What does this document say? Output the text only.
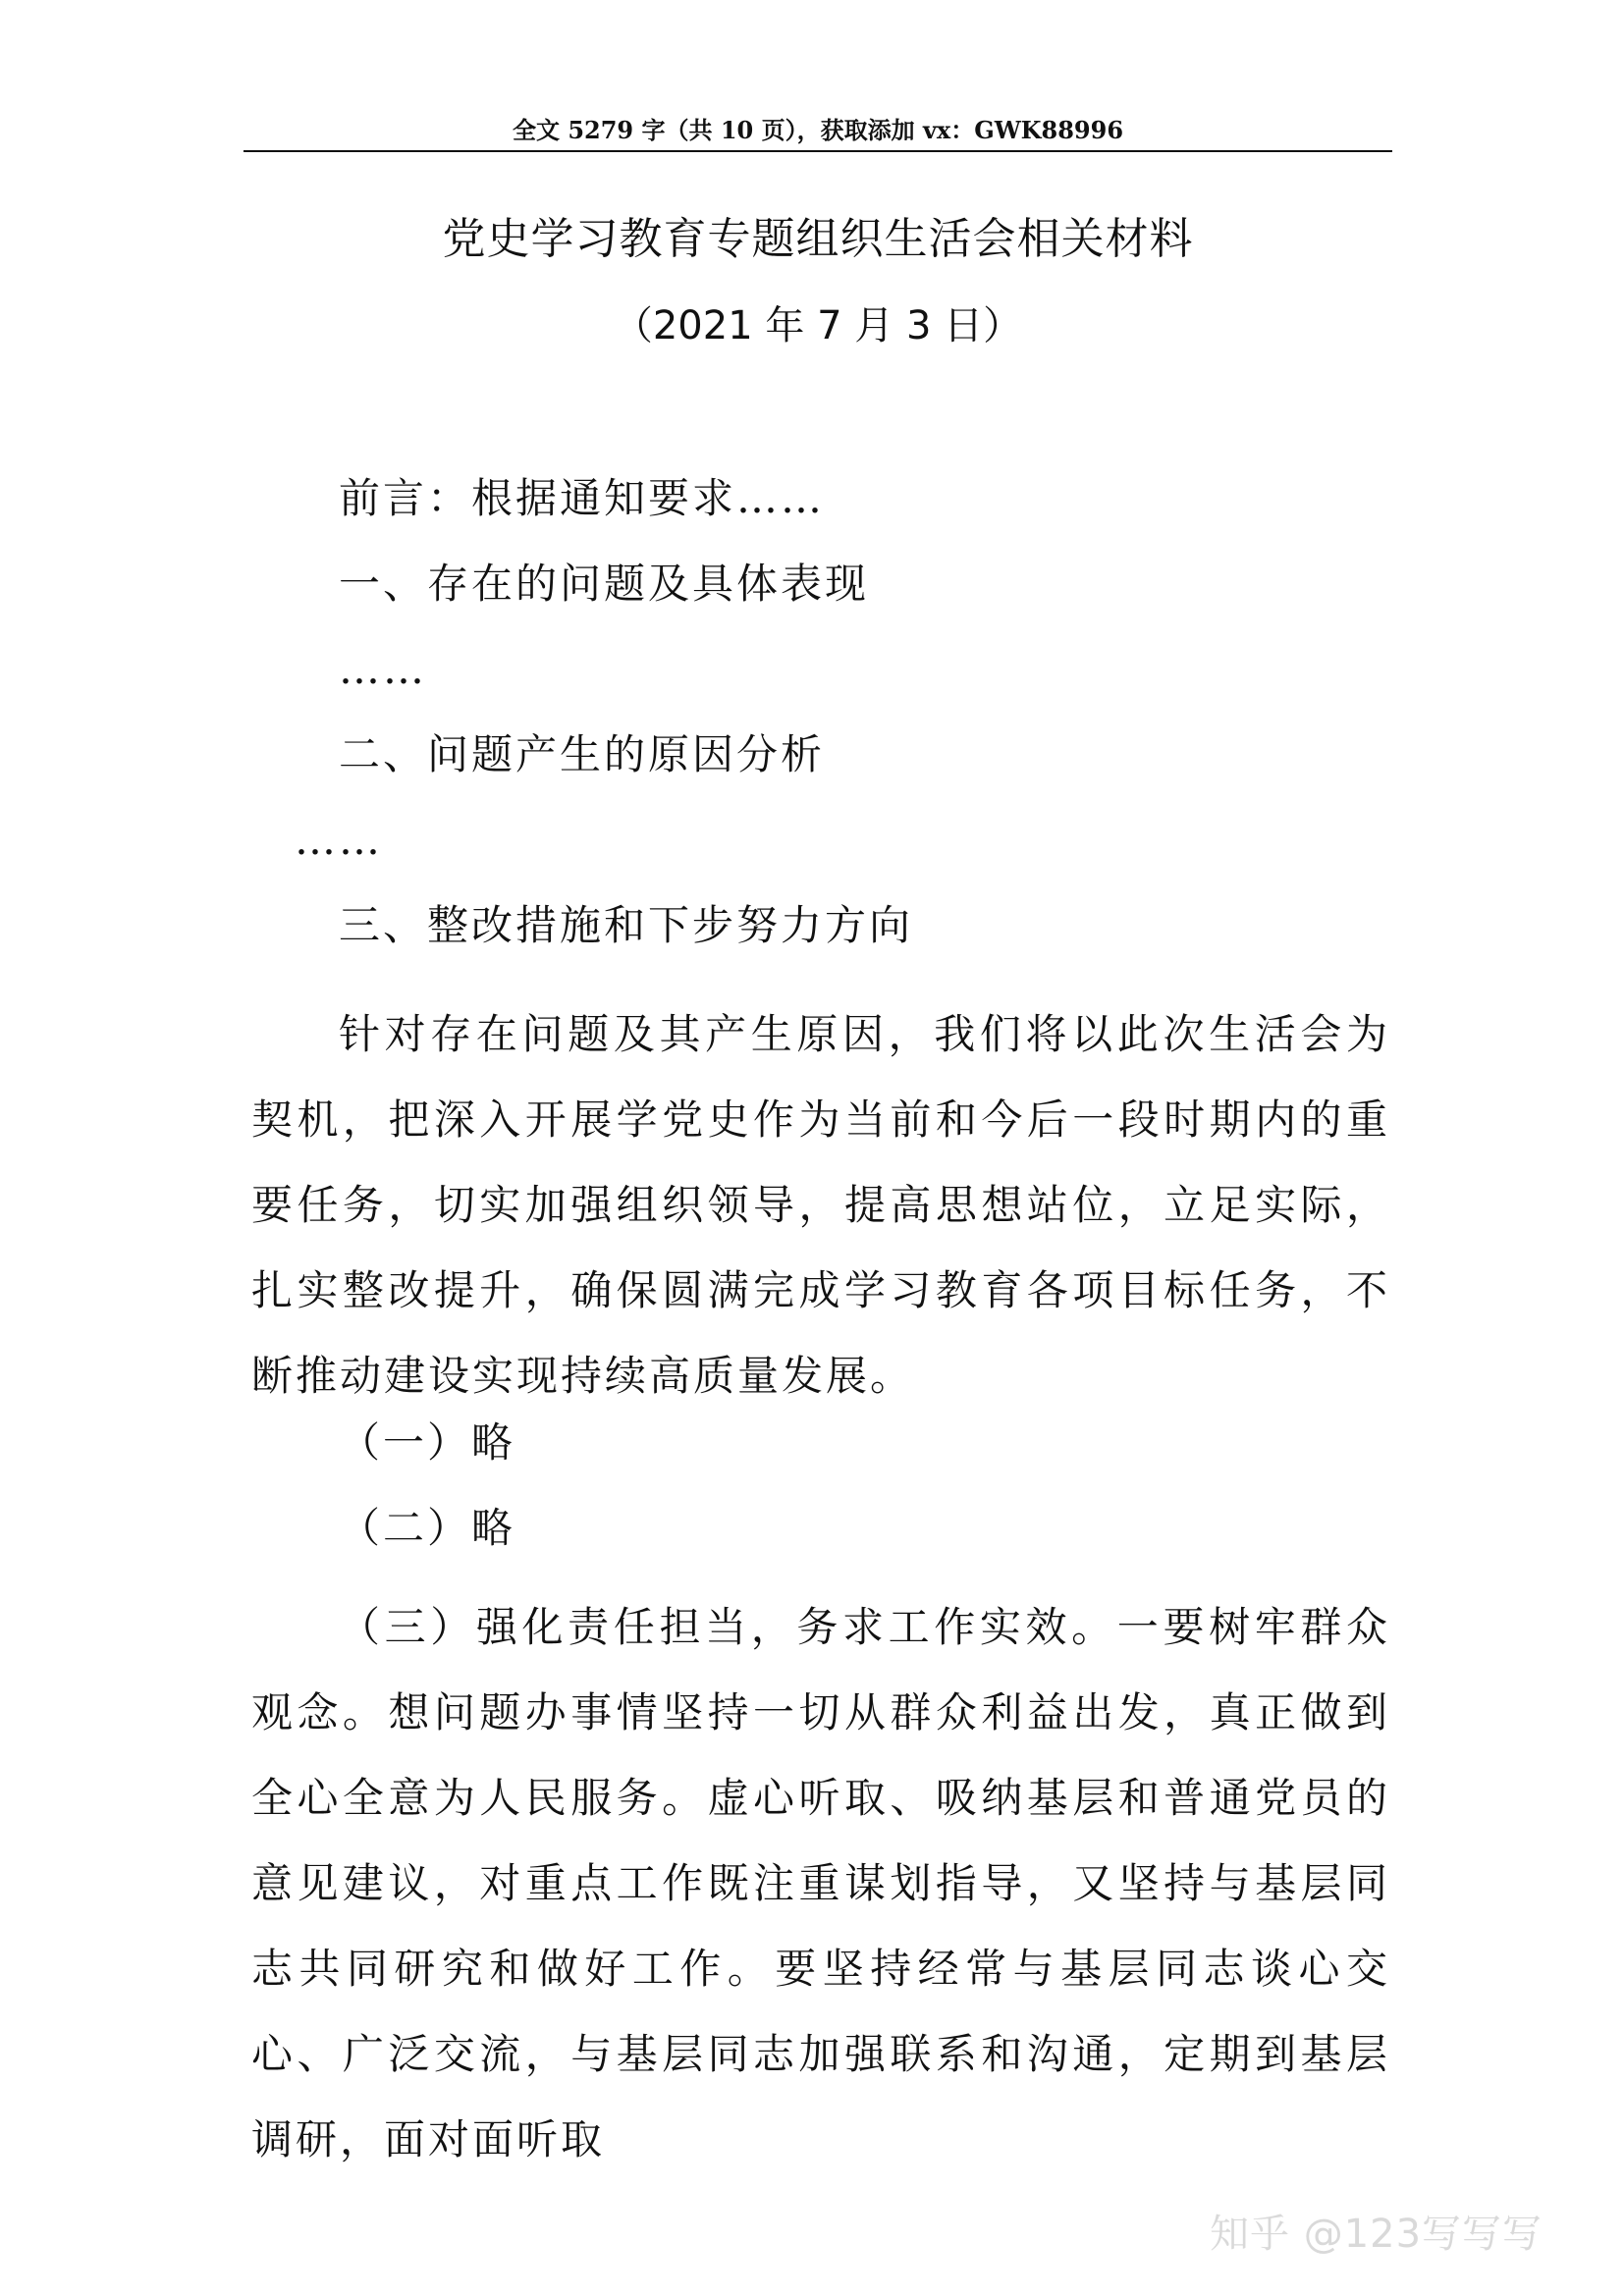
全文 5279 字（共 10 页），获取添加 vx：GWK88996
党史学习教育专题组织生活会相关材料
（2021 年 7 月 3 日）
前言：根据通知要求……
一、存在的问题及具体表现
……
二、问题产生的原因分析
……
三、整改措施和下步努力方向

针对存在问题及其产生原因，我们将以此次生活会为契机，把深入开展学党史作为当前和今后一段时期内的重要任务，切实加强组织领导，提高思想站位，立足实际，扎实整改提升，确保圆满完成学习教育各项目标任务，不断推动建设实现持续高质量发展。

（一）略
（二）略

（三）强化责任担当，务求工作实效。一要树牢群众观念。想问题办事情坚持一切从群众利益出发，真正做到全心全意为人民服务。虚心听取、吸纳基层和普通党员的意见建议，对重点工作既注重谋划指导，又坚持与基层同志共同研究和做好工作。要坚持经常与基层同志谈心交心、广泛交流，与基层同志加强联系和沟通，定期到基层调研，面对面听取

知乎 @123写写写
